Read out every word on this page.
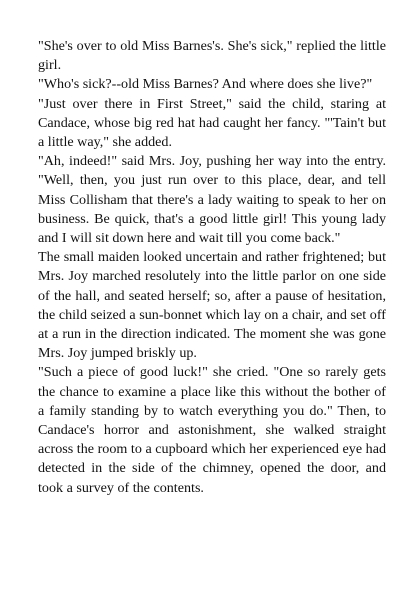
"She's over to old Miss Barnes's. She's sick," replied the little girl.

"Who's sick?--old Miss Barnes? And where does she live?"

"Just over there in First Street," said the child, staring at Candace, whose big red hat had caught her fancy. "'Tain't but a little way," she added.

"Ah, indeed!" said Mrs. Joy, pushing her way into the entry. "Well, then, you just run over to this place, dear, and tell Miss Collisham that there's a lady waiting to speak to her on business. Be quick, that's a good little girl! This young lady and I will sit down here and wait till you come back."

The small maiden looked uncertain and rather frightened; but Mrs. Joy marched resolutely into the little parlor on one side of the hall, and seated herself; so, after a pause of hesitation, the child seized a sun-bonnet which lay on a chair, and set off at a run in the direction indicated. The moment she was gone Mrs. Joy jumped briskly up.

"Such a piece of good luck!" she cried. "One so rarely gets the chance to examine a place like this without the bother of a family standing by to watch everything you do." Then, to Candace's horror and astonishment, she walked straight across the room to a cupboard which her experienced eye had detected in the side of the chimney, opened the door, and took a survey of the contents.
